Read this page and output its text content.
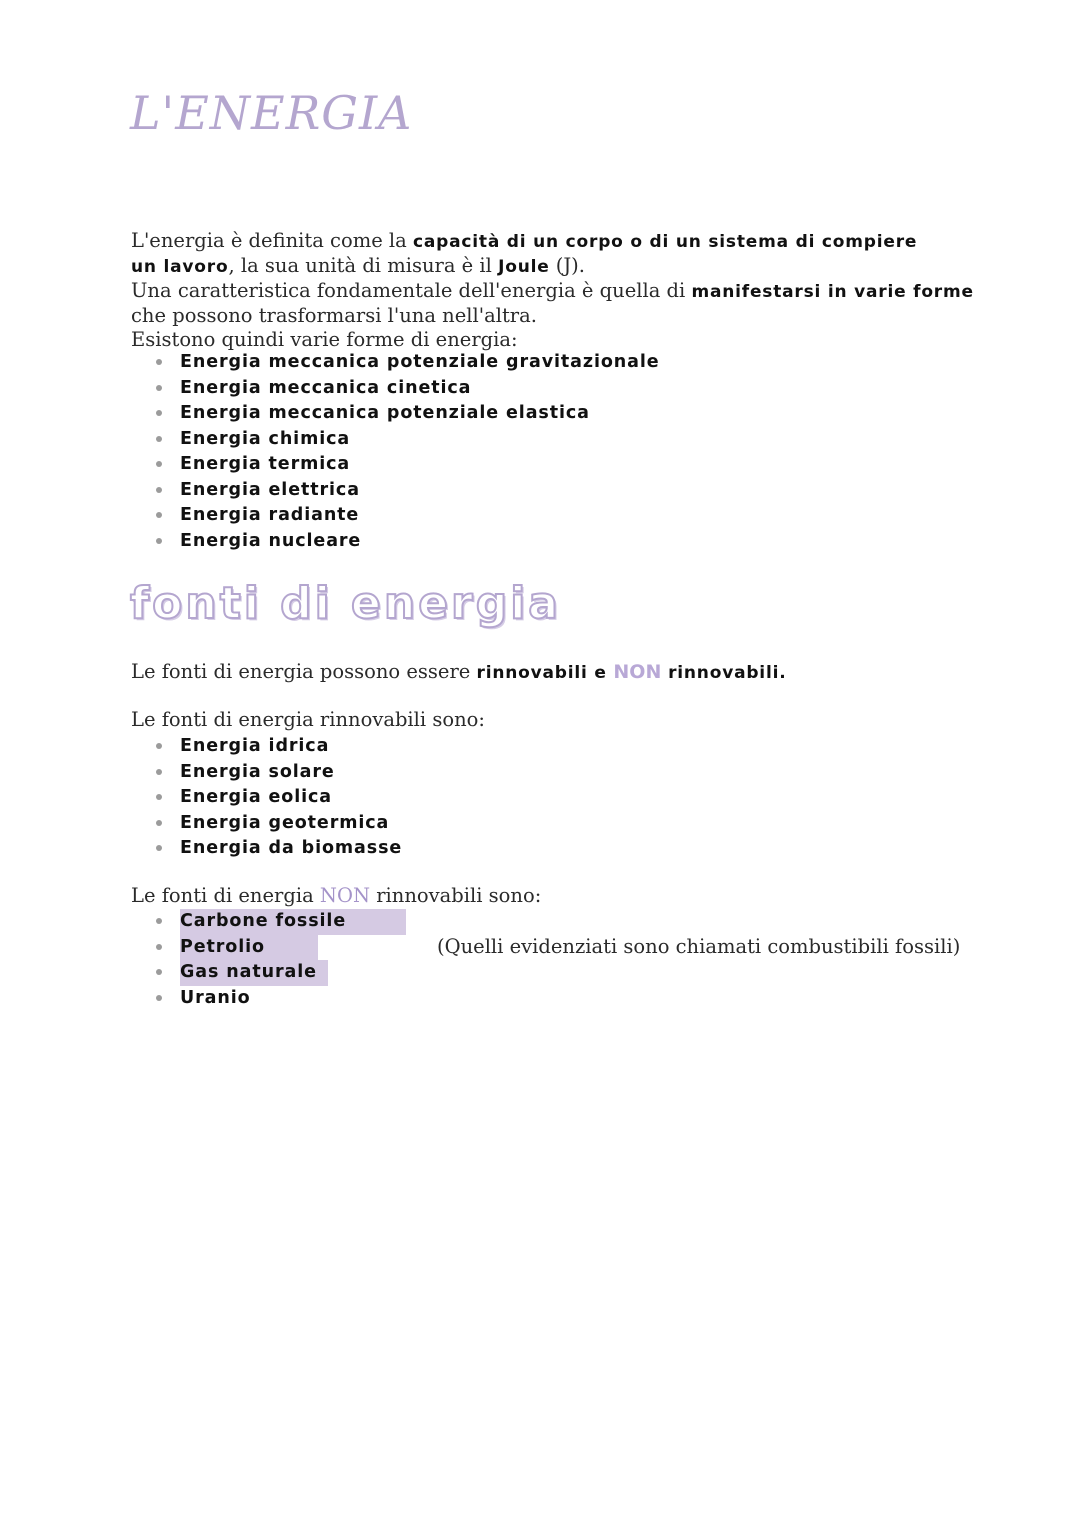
L'ENERGIA
L'energia è definita come la capacità di un corpo o di un sistema di compiere
un lavoro, la sua unità di misura è il Joule (J).
Una caratteristica fondamentale dell'energia è quella di manifestarsi in varie forme
che possono trasformarsi l'una nell'altra.
Esistono quindi varie forme di energia:
Energia meccanica potenziale gravitazionale
Energia meccanica cinetica
Energia meccanica potenziale elastica
Energia chimica
Energia termica
Energia elettrica
Energia radiante
Energia nucleare
fonti di energia
Le fonti di energia possono essere rinnovabili e NON rinnovabili.
Le fonti di energia rinnovabili sono:
Energia idrica
Energia solare
Energia eolica
Energia geotermica
Energia da biomasse
Le fonti di energia NON rinnovabili sono:
Carbone fossile
Petrolio
Gas naturale
Uranio
(Quelli evidenziati sono chiamati combustibili fossili)
